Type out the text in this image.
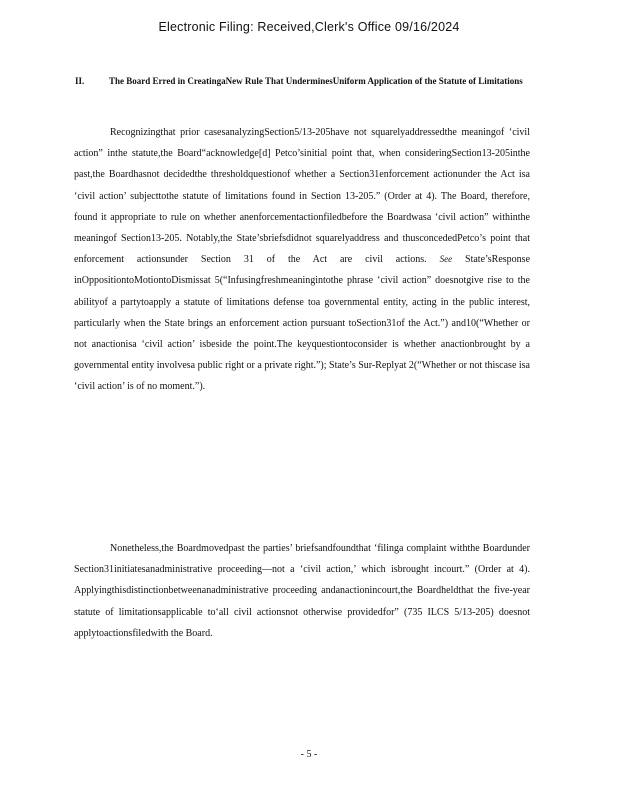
Electronic Filing: Received,Clerk's Office 09/16/2024
II.	The Board Erred in CreatingaNew Rule That UnderminesUniform Application of the Statute of Limitations

Recognizingthat prior casesanalyzingSection5/13-205have not squarelyaddressedthe meaningof ‘civil action” inthe statute,the Board“acknowledge[d] Petco’sinitial point that, when consideringSection13-205inthe past,the Boardhasnot decidedthe thresholdquestionof whether a Section31enforcement actionunder the Act isa ‘civil action’ subjecttothe statute of limitations found in Section 13-205.” (Order at 4). The Board, therefore, found it appropriate to rule on whether anenforcementactionfiledbefore the Boardwasa ‘civil action” withinthe meaningof Section13-205. Notably,the State’sbriefsdidnot squarelyaddress and thusconcededPetco’s point that enforcement actionsunder Section 31 of the Act are civil actions. See State’sResponse inOppositiontoMotiontoDismissat 5(“Infusingfreshmeaningintothe phrase ‘civil action” doesnotgive rise to the abilityof a partytoapply a statute of limitations defense toa governmental entity, acting in the public interest, particularly when the State brings an enforcement action pursuant toSection31of the Act.”) and10(“Whether or not anactionisa ‘civil action’ isbeside the point.The keyquestiontoconsider is whether anactionbrought by a governmental entity involvesa public right or a private right.”); State’s Sur-Replyat 2(“Whether or not thiscase isa ‘civil action’ is of no moment.”).

Nonetheless,the Boardmovedpast the parties’ briefsandfoundthat ‘filinga complaint withthe Boardunder Section31initiatesanadministrative proceeding—not a ‘civil action,’ which isbrought incourt.” (Order at 4). Applyingthisdistinctionbetweenanadministrative proceeding andanactionincourt,the Boardheldthat the five-year statute of limitationsapplicable to‘all civil actionsnot otherwise providedfor” (735 ILCS 5/13-205) doesnot applytoactionsfiledwith the Board.

- 5 -
